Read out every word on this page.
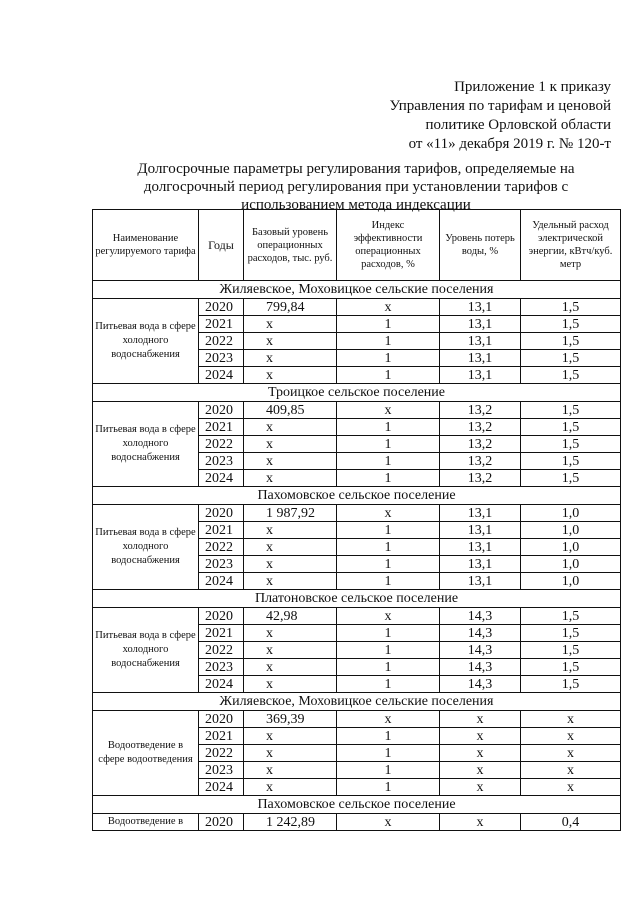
Приложение 1 к приказу
Управления по тарифам и ценовой
политике Орловской области
от «11» декабря 2019 г. № 120-т
Долгосрочные параметры регулирования тарифов, определяемые на долгосрочный период регулирования при установлении тарифов с использованием метода индексации
Наименование регулируемого тарифа	Годы	Базовый уровень операционных расходов, тыс. руб.	Индекс эффективности операционных расходов, %	Уровень потерь воды, %	Удельный расход электрической энергии, кВтч/куб. метр
Жиляевское, Моховицкое сельские поселения					
Питьевая вода в сфере холодного водоснабжения	2020	799,84	х	13,1	1,5
	2021	х	1	13,1	1,5
	2022	х	1	13,1	1,5
	2023	х	1	13,1	1,5
	2024	х	1	13,1	1,5
Троицкое сельское поселение					
Питьевая вода в сфере холодного водоснабжения	2020	409,85	х	13,2	1,5
	2021	х	1	13,2	1,5
	2022	х	1	13,2	1,5
	2023	х	1	13,2	1,5
	2024	х	1	13,2	1,5
Пахомовское сельское поселение					
Питьевая вода в сфере холодного водоснабжения	2020	1 987,92	х	13,1	1,0
	2021	х	1	13,1	1,0
	2022	х	1	13,1	1,0
	2023	х	1	13,1	1,0
	2024	х	1	13,1	1,0
Платоновское сельское поселение					
Питьевая вода в сфере холодного водоснабжения	2020	42,98	х	14,3	1,5
	2021	х	1	14,3	1,5
	2022	х	1	14,3	1,5
	2023	х	1	14,3	1,5
	2024	х	1	14,3	1,5
Жиляевское, Моховицкое сельские поселения					
Водоотведение в сфере водоотведения	2020	369,39	х	х	х
	2021	х	1	х	х
	2022	х	1	х	х
	2023	х	1	х	х
	2024	х	1	х	х
Пахомовское сельское поселение					
Водоотведение в	2020	1 242,89	х	х	0,4
